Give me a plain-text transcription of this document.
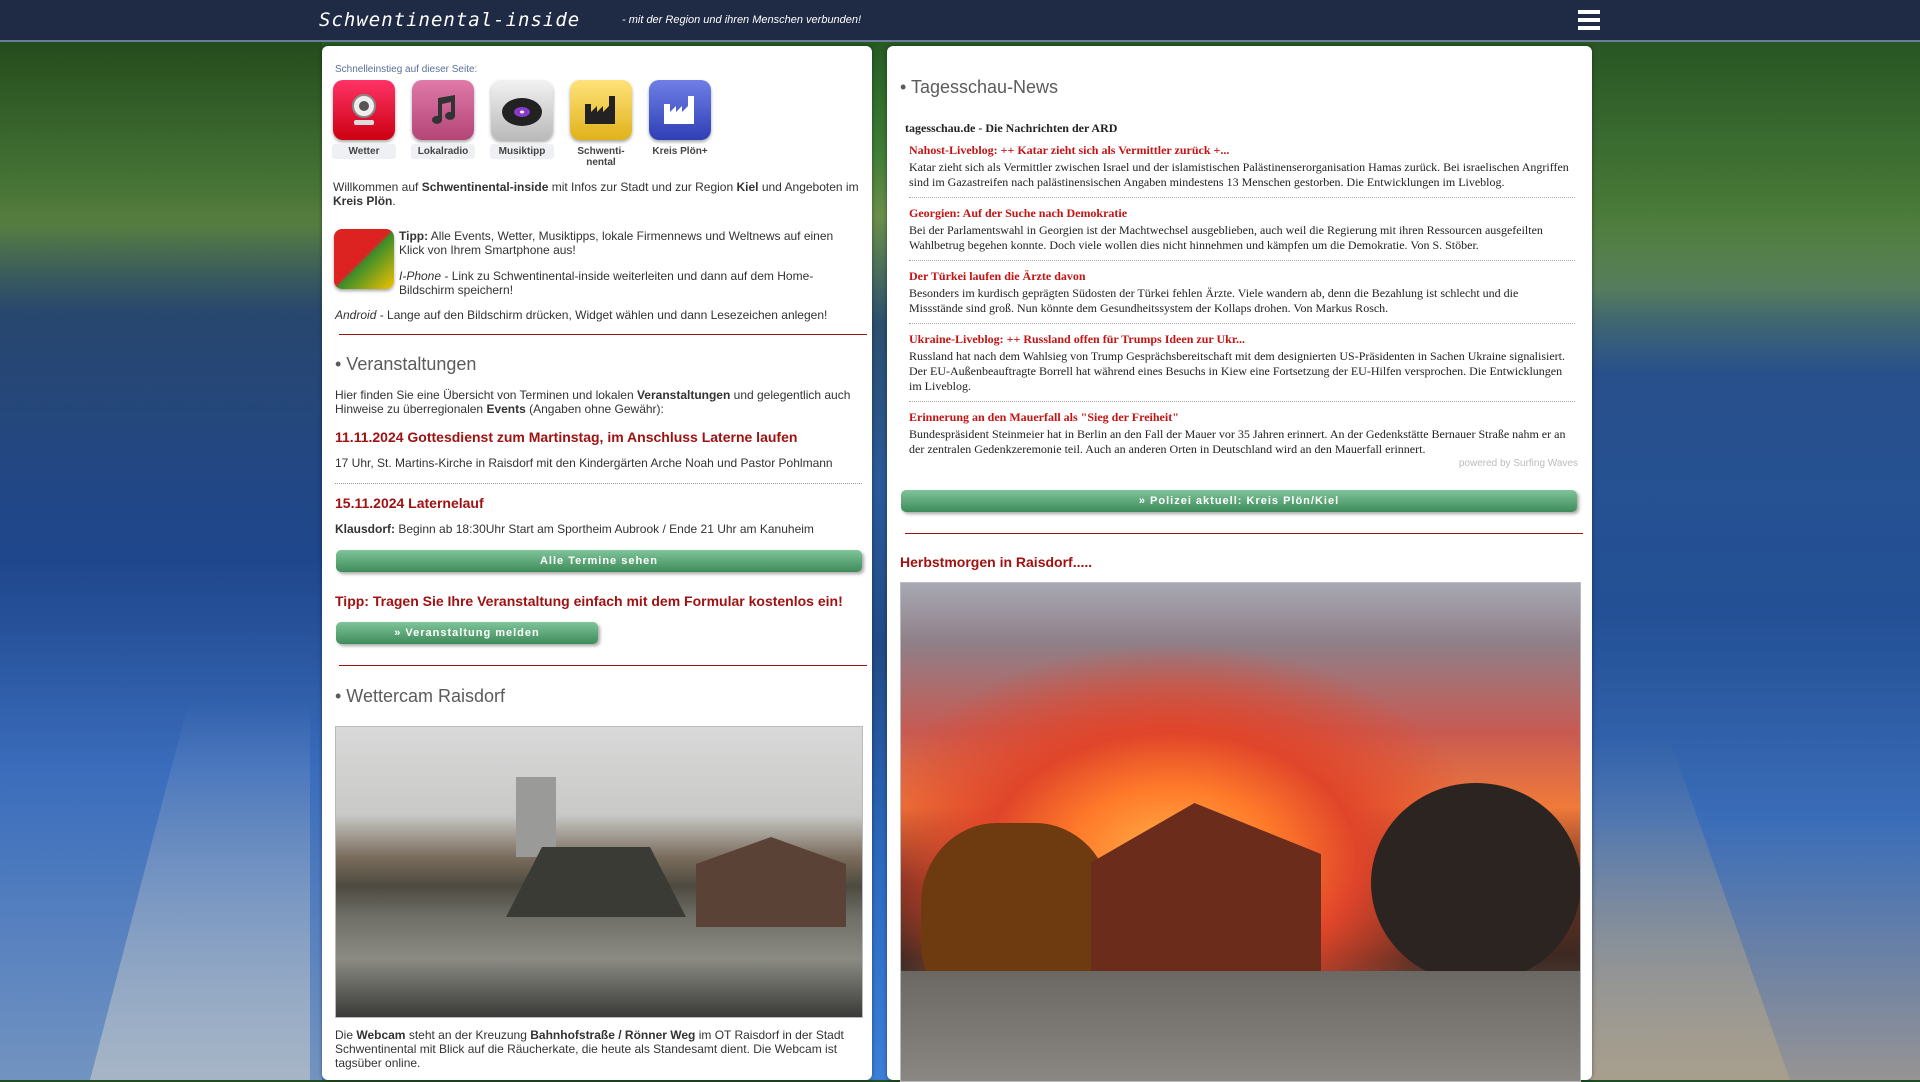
Schwentinental-inside	- mit der Region und ihren Menschen verbunden!
Schnelleinstieg auf dieser Seite:
Wetter	Lokalradio	Musiktipp	Schwenti-
nental
Kreis Plön+
Willkommen auf Schwentinental-inside mit Infos zur Stadt und zur Region Kiel und Angeboten im Kreis Plön.
Tipp: Alle Events, Wetter, Musiktipps, lokale Firmennews und Weltnews auf einen Klick von Ihrem Smartphone aus!
I-Phone - Link zu Schwentinental-inside weiterleiten und dann auf dem Home-Bildschirm speichern!
Android - Lange auf den Bildschirm drücken, Widget wählen und dann Lesezeichen anlegen!
• Veranstaltungen
Hier finden Sie eine Übersicht von Terminen und lokalen Veranstaltungen und gelegentlich auch Hinweise zu überregionalen Events (Angaben ohne Gewähr):
11.11.2024 Gottesdienst zum Martinstag, im Anschluss Laterne laufen
17 Uhr, St. Martins-Kirche in Raisdorf mit den Kindergärten Arche Noah und Pastor Pohlmann
15.11.2024 Laternelauf
Klausdorf: Beginn ab 18:30Uhr Start am Sportheim Aubrook / Ende 21 Uhr am Kanuheim
Alle Termine sehen
Tipp: Tragen Sie Ihre Veranstaltung einfach mit dem Formular kostenlos ein!
» Veranstaltung melden
• Wettercam Raisdorf
Die Webcam steht an der Kreuzung Bahnhofstraße / Rönner Weg im OT Raisdorf in der Stadt Schwentinental mit Blick auf die Räucherkate, die heute als Standesamt dient. Die Webcam ist tagsüber online.
• Tagesschau-News
tagesschau.de - Die Nachrichten der ARD
Nahost-Liveblog: ++ Katar zieht sich als Vermittler zurück +...
Katar zieht sich als Vermittler zwischen Israel und der islamistischen Palästinenserorganisation Hamas zurück. Bei israelischen Angriffen sind im Gazastreifen nach palästinensischen Angaben mindestens 13 Menschen gestorben. Die Entwicklungen im Liveblog.
Georgien: Auf der Suche nach Demokratie
Bei der Parlamentswahl in Georgien ist der Machtwechsel ausgeblieben, auch weil die Regierung mit ihren Ressourcen ausgefeilten Wahlbetrug begehen konnte. Doch viele wollen dies nicht hinnehmen und kämpfen um die Demokratie. Von S. Stöber.
Der Türkei laufen die Ärzte davon
Besonders im kurdisch geprägten Südosten der Türkei fehlen Ärzte. Viele wandern ab, denn die Bezahlung ist schlecht und die Missstände sind groß. Nun könnte dem Gesundheitssystem der Kollaps drohen. Von Markus Rosch.
Ukraine-Liveblog: ++ Russland offen für Trumps Ideen zur Ukr...
Russland hat nach dem Wahlsieg von Trump Gesprächsbereitschaft mit dem designierten US-Präsidenten in Sachen Ukraine signalisiert. Der EU-Außenbeauftragte Borrell hat während eines Besuchs in Kiew eine Fortsetzung der EU-Hilfen versprochen. Die Entwicklungen im Liveblog.
Erinnerung an den Mauerfall als "Sieg der Freiheit"
Bundespräsident Steinmeier hat in Berlin an den Fall der Mauer vor 35 Jahren erinnert. An der Gedenkstätte Bernauer Straße nahm er an der zentralen Gedenkzeremonie teil. Auch an anderen Orten in Deutschland wird an den Mauerfall erinnert.
powered by Surfing Waves
» Polizei aktuell: Kreis Plön/Kiel
Herbstmorgen in Raisdorf.....
